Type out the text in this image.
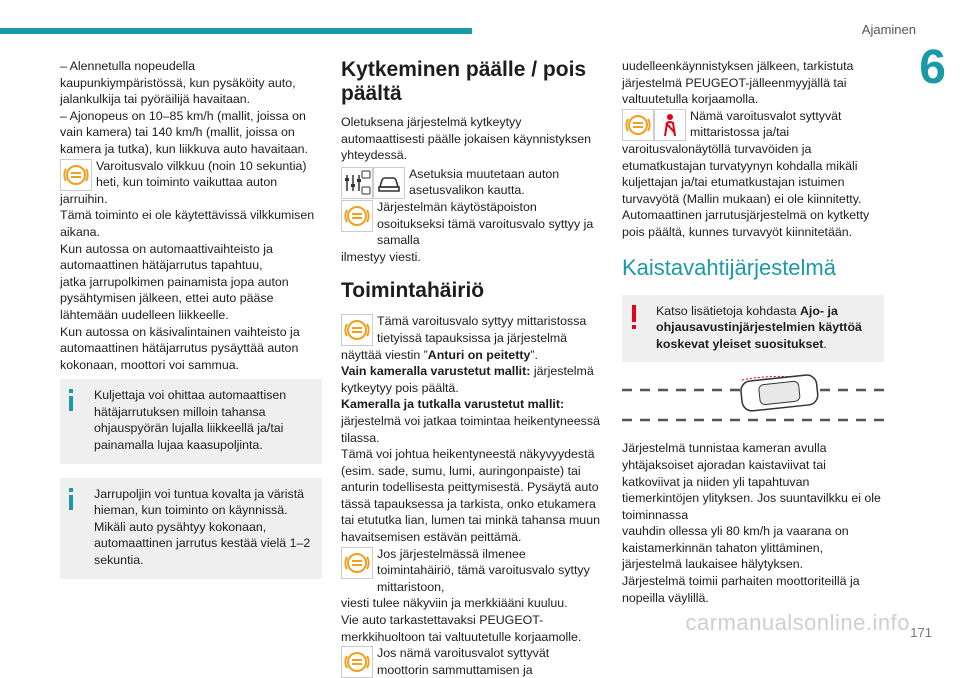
Ajaminen
6

– Alennetulla nopeudella kaupunkiympäristössä, kun pysäköity auto, jalankulkija tai pyöräilijä havaitaan.

– Ajonopeus on 10–85 km/h (mallit, joissa on vain kamera) tai 140 km/h (mallit, joissa on kamera ja tutka), kun liikkuva auto havaitaan.

Varoitusvalo vilkkuu (noin 10 sekuntia) heti, kun toiminto vaikuttaa auton

jarruihin.

Tämä toiminto ei ole käytettävissä vilkkumisen aikana.

Kun autossa on automaattivaihteisto ja automaattinen hätäjarrutus tapahtuu,

jatka jarrupolkimen painamista jopa auton pysähtymisen jälkeen, ettei auto pääse lähtemään uudelleen liikkeelle.

Kun autossa on käsivalintainen vaihteisto ja automaattinen hätäjarrutus pysäyttää auton kokonaan, moottori voi sammua.

Kuljettaja voi ohittaa automaattisen hätäjarrutuksen milloin tahansa ohjauspyörän lujalla liikkeellä ja/tai painamalla lujaa kaasupoljinta.

Jarrupoljin voi tuntua kovalta ja väristä hieman, kun toiminto on käynnissä. Mikäli auto pysähtyy kokonaan, automaattinen jarrutus kestää vielä 1–2 sekuntia.

Kytkeminen päälle / pois päältä

Oletuksena järjestelmä kytkeytyy automaattisesti päälle jokaisen käynnistyksen yhteydessä.

Asetuksia muutetaan auton asetusvalikon kautta.

Järjestelmän käytöstäpoiston osoitukseksi tämä varoitusvalo syttyy ja samalla

ilmestyy viesti.

Toimintahäiriö

Tämä varoitusvalo syttyy mittaristossa tietyissä tapauksissa ja järjestelmä

näyttää viestin ”Anturi on peitetty”.

Vain kameralla varustetut mallit: järjestelmä kytkeytyy pois päältä.

Kameralla ja tutkalla varustetut mallit: järjestelmä voi jatkaa toimintaa heikentyneessä tilassa.

Tämä voi johtua heikentyneestä näkyvyydestä (esim. sade, sumu, lumi, auringonpaiste) tai anturin todellisesta peittymisestä. Pysäytä auto tässä tapauksessa ja tarkista, onko etukamera tai etututka lian, lumen tai minkä tahansa muun havaitsemisen estävän peittämä.

Jos järjestelmässä ilmenee toimintahäiriö, tämä varoitusvalo syttyy mittaristoon,

viesti tulee näkyviin ja merkkiääni kuuluu.

Vie auto tarkastettavaksi PEUGEOT-merkkihuoltoon tai valtuutetulle korjaamolle.

Jos nämä varoitusvalot syttyvät moottorin sammuttamisen ja

uudelleenkäynnistyksen jälkeen, tarkistuta järjestelmä PEUGEOT-jälleenmyyjällä tai valtuutetulla korjaamolla.

Nämä varoitusvalot syttyvät mittaristossa ja/tai

varoitusvalonäytöllä turvavöiden ja etumatkustajan turvatyynyn kohdalla mikäli kuljettajan ja/tai etumatkustajan istuimen turvavyötä (Mallin mukaan) ei ole kiinnitetty. Automaattinen jarrutusjärjestelmä on kytketty pois päältä, kunnes turvavyöt kiinnitetään.

Kaistavahtijärjestelmä

Katso lisätietoja kohdasta Ajo- ja ohjausavustinjärjestelmien käyttöä koskevat yleiset suositukset.

Järjestelmä tunnistaa kameran avulla yhtäjaksoiset ajoradan kaistaviivat tai katkoviivat ja niiden yli tapahtuvan tiemerkintöjen ylityksen. Jos suuntavilkku ei ole toiminnassa

vauhdin ollessa yli 80 km/h ja vaarana on kaistamerkinnän tahaton ylittäminen, järjestelmä laukaisee hälytyksen.

Järjestelmä toimii parhaiten moottoriteillä ja nopeilla väylillä.

carmanualsonline.info 171
